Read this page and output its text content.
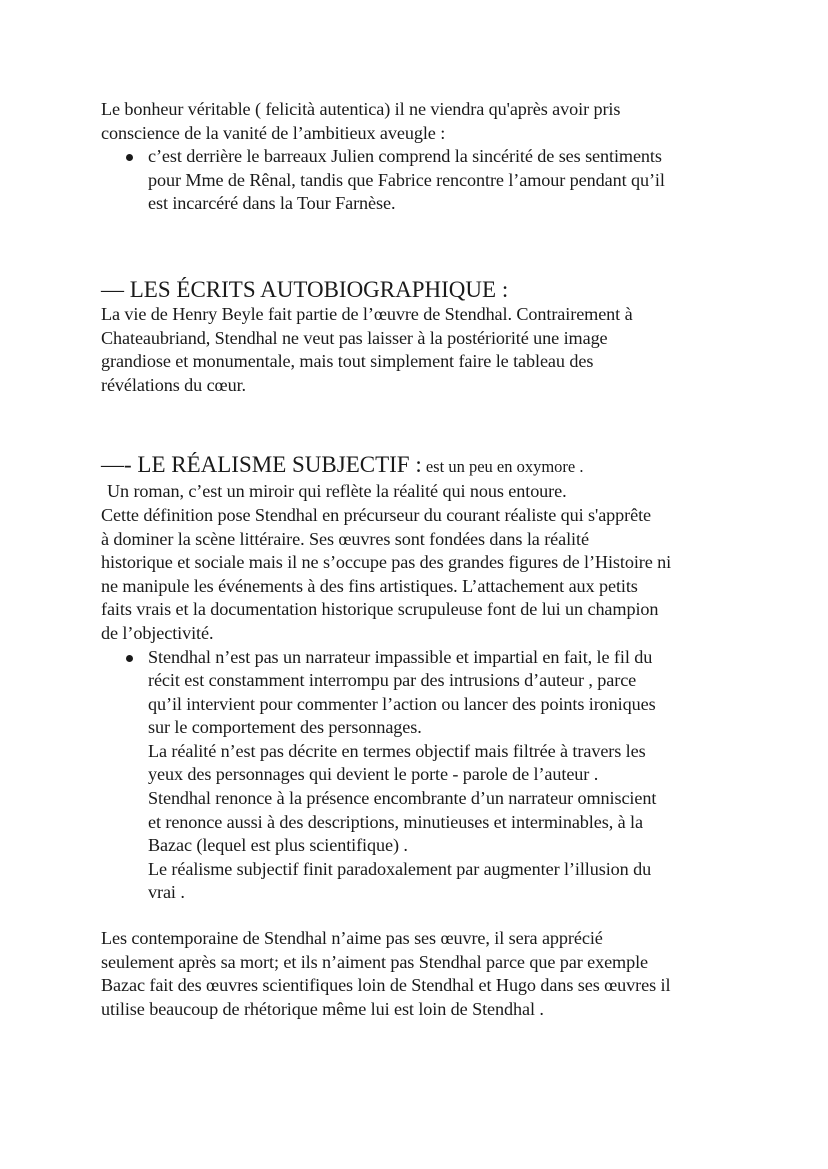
Le bonheur véritable ( felicità autentica) il ne viendra qu'après avoir pris
conscience de la vanité de l’ambitieux aveugle :

c’est derrière le barreaux Julien comprend la sincérité de ses sentiments
pour Mme de Rênal, tandis que Fabrice rencontre l’amour pendant qu’il
est incarcéré dans la Tour Farnèse.
— LES ÉCRITS AUTOBIOGRAPHIQUE :

La vie de Henry Beyle fait partie de l’œuvre de Stendhal. Contrairement à
Chateaubriand, Stendhal ne veut pas laisser à la postériorité une image
grandiose et monumentale, mais tout simplement faire le tableau des
révélations du cœur.

—- LE RÉALISME SUBJECTIF : est un peu en oxymore .

Un roman, c’est un miroir qui reflète la réalité qui nous entoure.
Cette définition pose Stendhal en précurseur du courant réaliste qui s'apprête
à dominer la scène littéraire. Ses œuvres sont fondées dans la réalité
historique et sociale mais il ne s’occupe pas des grandes figures de l’Histoire ni
ne manipule les événements à des fins artistiques. L’attachement aux petits
faits vrais et la documentation historique scrupuleuse font de lui un champion
de l’objectivité.

Stendhal n’est pas un narrateur impassible et impartial en fait, le fil du
récit est constamment interrompu par des intrusions d’auteur , parce
qu’il intervient pour commenter l’action ou lancer des points ironiques
sur le comportement des personnages.
La réalité n’est pas décrite en termes objectif mais filtrée à travers les
yeux des personnages qui devient le porte - parole de l’auteur .
Stendhal renonce à la présence encombrante d’un narrateur omniscient
et renonce aussi à des descriptions, minutieuses et interminables, à la
Bazac (lequel est plus scientifique) .
Le réalisme subjectif finit paradoxalement par augmenter l’illusion du
vrai .

Les contemporaine de Stendhal n’aime pas ses œuvre, il sera apprécié
seulement après sa mort; et ils n’aiment pas Stendhal parce que par exemple
Bazac fait des œuvres scientifiques loin de Stendhal et Hugo dans ses œuvres il
utilise beaucoup de rhétorique même lui est loin de Stendhal .
